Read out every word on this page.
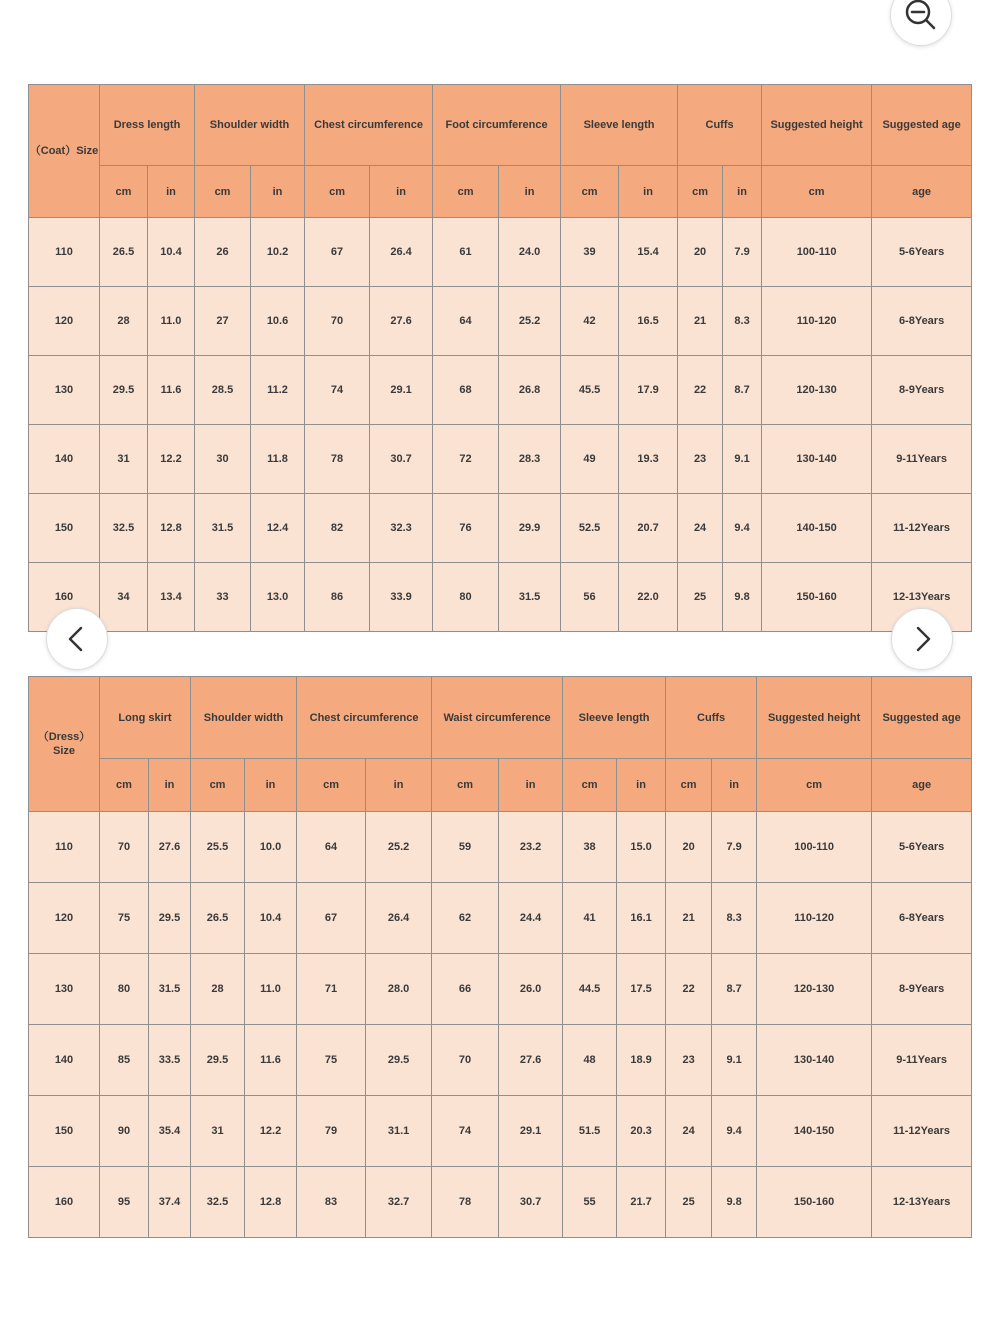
（Coat）Size	Dress length		Shoulder width		Chest circumference		Foot circumference		Sleeve length		Cuffs		Suggested height	Suggested age
	cm	in	cm	in	cm	in	cm	in	cm	in	cm	in	cm	age
110	26.5	10.4	26	10.2	67	26.4	61	24.0	39	15.4	20	7.9	100-110	5-6Years
120	28	11.0	27	10.6	70	27.6	64	25.2	42	16.5	21	8.3	110-120	6-8Years
130	29.5	11.6	28.5	11.2	74	29.1	68	26.8	45.5	17.9	22	8.7	120-130	8-9Years
140	31	12.2	30	11.8	78	30.7	72	28.3	49	19.3	23	9.1	130-140	9-11Years
150	32.5	12.8	31.5	12.4	82	32.3	76	29.9	52.5	20.7	24	9.4	140-150	11-12Years
160	34	13.4	33	13.0	86	33.9	80	31.5	56	22.0	25	9.8	150-160	12-13Years
（Dress）Size	Long skirt		Shoulder width		Chest circumference		Waist circumference		Sleeve length		Cuffs		Suggested height	Suggested age
	cm	in	cm	in	cm	in	cm	in	cm	in	cm	in	cm	age
110	70	27.6	25.5	10.0	64	25.2	59	23.2	38	15.0	20	7.9	100-110	5-6Years
120	75	29.5	26.5	10.4	67	26.4	62	24.4	41	16.1	21	8.3	110-120	6-8Years
130	80	31.5	28	11.0	71	28.0	66	26.0	44.5	17.5	22	8.7	120-130	8-9Years
140	85	33.5	29.5	11.6	75	29.5	70	27.6	48	18.9	23	9.1	130-140	9-11Years
150	90	35.4	31	12.2	79	31.1	74	29.1	51.5	20.3	24	9.4	140-150	11-12Years
160	95	37.4	32.5	12.8	83	32.7	78	30.7	55	21.7	25	9.8	150-160	12-13Years
